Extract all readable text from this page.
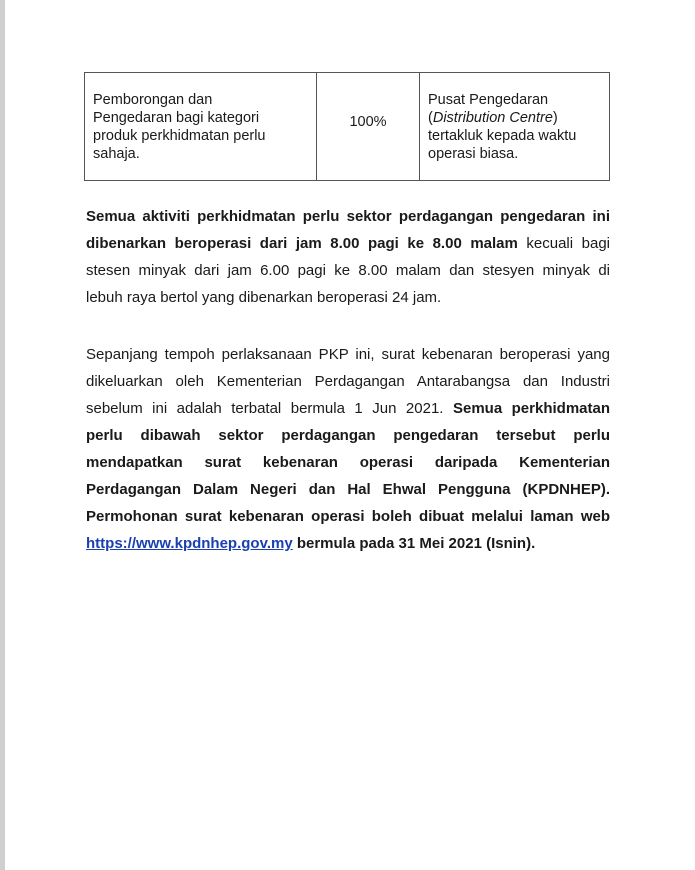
Pemborongan dan
Pengedaran bagi kategori
produk perkhidmatan perlu
sahaja.
100%
Pusat Pengedaran
(Distribution Centre)
tertakluk kepada waktu
operasi biasa.
Semua aktiviti perkhidmatan perlu sektor perdagangan pengedaran ini
dibenarkan beroperasi dari jam 8.00 pagi ke 8.00 malam kecuali bagi
stesen minyak dari jam 6.00 pagi ke 8.00 malam dan stesyen minyak di
lebuh raya bertol yang dibenarkan beroperasi 24 jam.
Sepanjang tempoh perlaksanaan PKP ini, surat kebenaran beroperasi yang
dikeluarkan oleh Kementerian Perdagangan Antarabangsa dan Industri
sebelum ini adalah terbatal bermula 1 Jun 2021. Semua perkhidmatan
perlu dibawah sektor perdagangan pengedaran tersebut perlu
mendapatkan surat kebenaran operasi daripada Kementerian
Perdagangan Dalam Negeri dan Hal Ehwal Pengguna (KPDNHEP).
Permohonan surat kebenaran operasi boleh dibuat melalui laman web
https://www.kpdnhep.gov.my bermula pada 31 Mei 2021 (Isnin).
